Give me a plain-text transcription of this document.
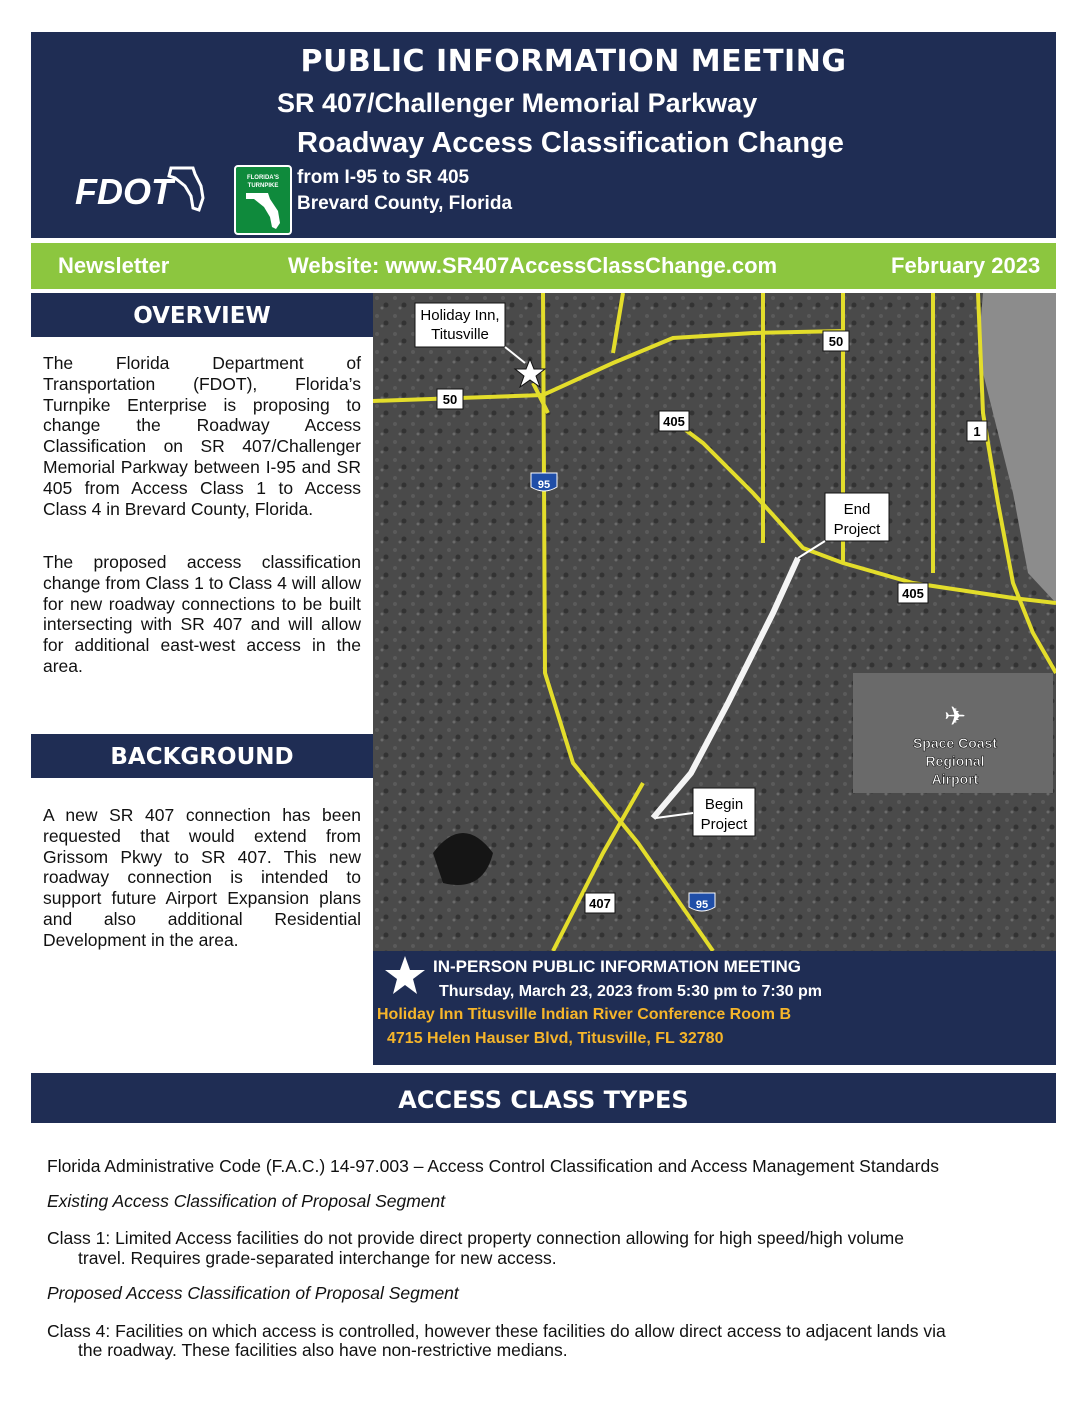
PUBLIC INFORMATION MEETING
SR 407/Challenger Memorial Parkway
Roadway Access Classification Change
from I-95 to SR 405
Brevard County, Florida
FDOT	FLORIDA'S
TURNPIKE
Newsletter	Website: www.SR407AccessClassChange.com	February 2023
OVERVIEW
The Florida Department of Transportation (FDOT), Florida’s Turnpike Enterprise is proposing to change the Roadway Access Classification on SR 407/Challenger Memorial Parkway between I-95 and SR 405 from Access Class 1 to Access Class 4 in Brevard County, Florida.
The proposed access classification change from Class 1 to Class 4 will allow for new roadway connections to be built intersecting with SR 407 and will allow for additional east-west access in the area.
BACKGROUND
A new SR 407 connection has been requested that would extend from Grissom Pkwy to SR 407. This new roadway connection is intended to support future Airport Expansion plans and also additional Residential Development in the area.
Holiday Inn,
Titusville
End
Project
Begin
Project
✈
Space Coast
Regional
Airport
50
50
405
405
407
1
95
95
IN-PERSON PUBLIC INFORMATION MEETING
Thursday, March 23, 2023 from 5:30 pm to 7:30 pm
Holiday Inn Titusville Indian River Conference Room B
4715 Helen Hauser Blvd, Titusville, FL 32780
ACCESS CLASS TYPES
Florida Administrative Code (F.A.C.) 14-97.003 – Access Control Classification and Access Management Standards
Existing Access Classification of Proposal Segment
Class 1: Limited Access facilities do not provide direct property connection allowing for high speed/high volume
travel. Requires grade-separated interchange for new access.
Proposed Access Classification of Proposal Segment
Class 4: Facilities on which access is controlled, however these facilities do allow direct access to adjacent lands via
the roadway. These facilities also have non-restrictive medians.
